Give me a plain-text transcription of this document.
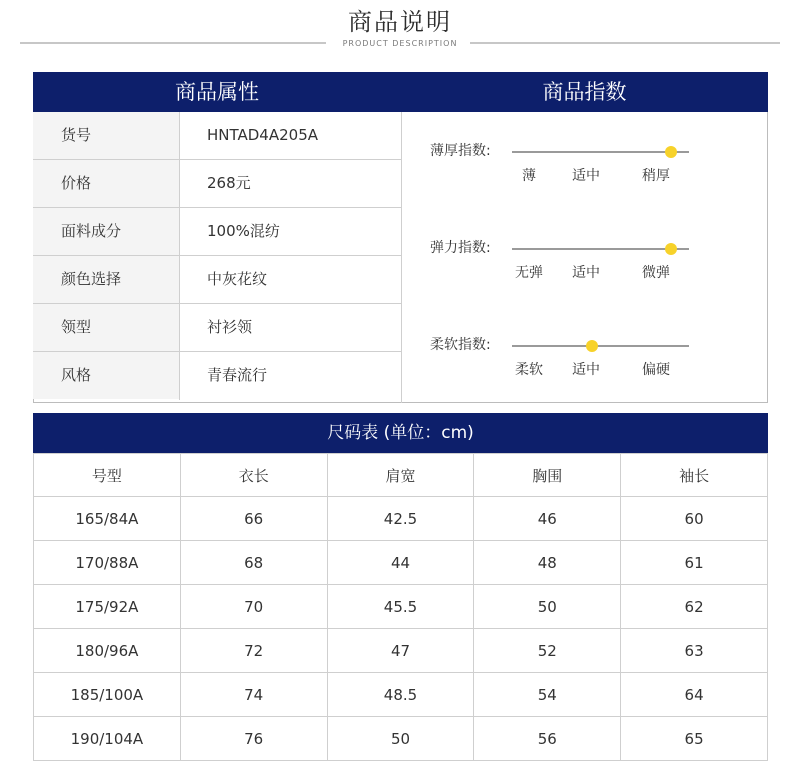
商品说明
PRODUCT DESCRIPTION
商品属性	商品指数
货号	HNTAD4A205A
价格	268元
面料成分	100%混纺
颜色选择	中灰花纹
领型	衬衫领
风格	青春流行
薄厚指数:
薄	适中	稍厚
弹力指数:
无弹	适中	微弹
柔软指数:
柔软	适中	偏硬
尺码表 (单位：cm)
号型	衣长	肩宽	胸围	袖长
165/84A	66	42.5	46	60
170/88A	68	44	48	61
175/92A	70	45.5	50	62
180/96A	72	47	52	63
185/100A	74	48.5	54	64
190/104A	76	50	56	65
